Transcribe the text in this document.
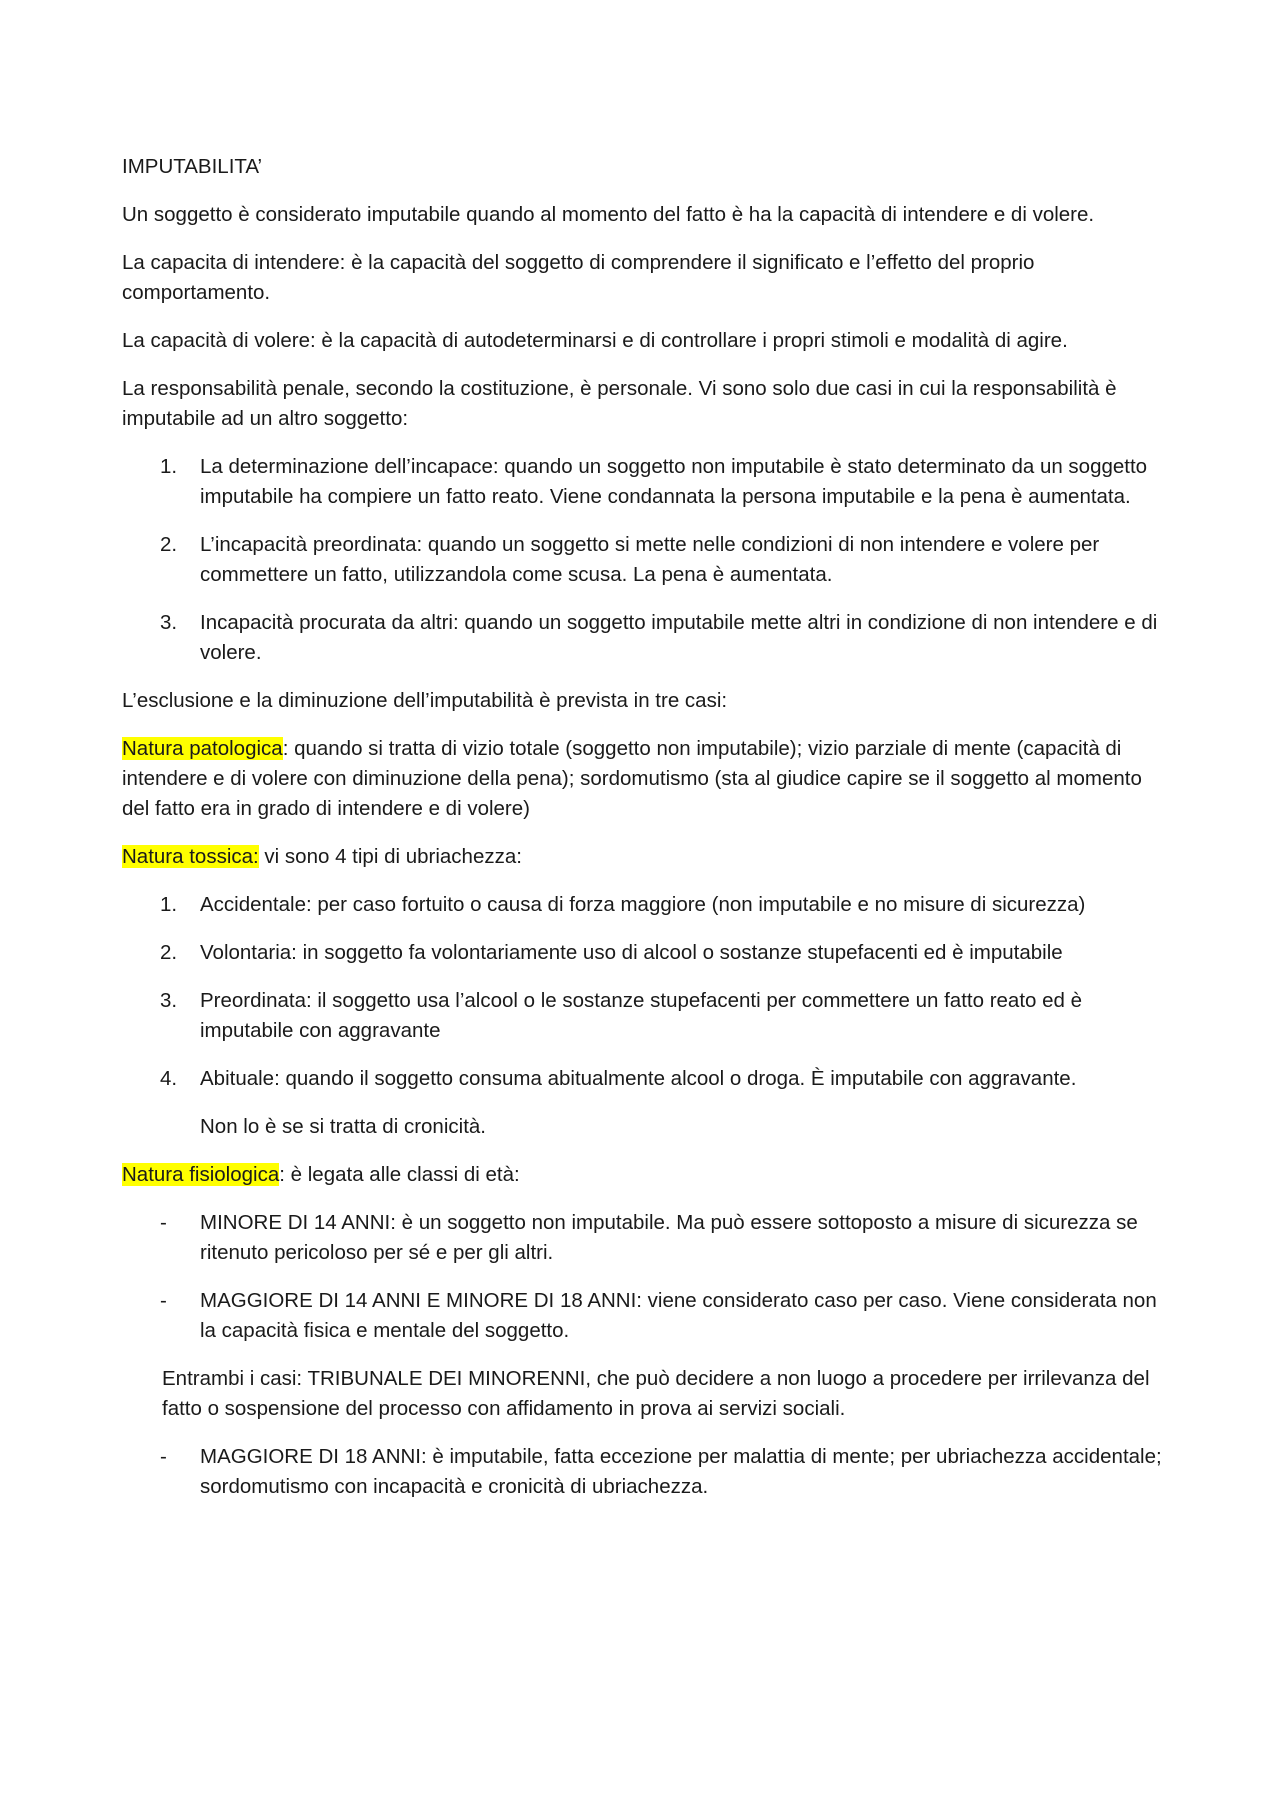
IMPUTABILITA’

Un soggetto è considerato imputabile quando al momento del fatto è ha la capacità di intendere e di volere.

La capacita di intendere: è la capacità del soggetto di comprendere il significato e l’effetto del proprio comportamento.

La capacità di volere: è la capacità di autodeterminarsi e di controllare i propri stimoli e modalità di agire.

La responsabilità penale, secondo la costituzione, è personale. Vi sono solo due casi in cui la responsabilità è imputabile ad un altro soggetto:

1.	La determinazione dell’incapace: quando un soggetto non imputabile è stato determinato da un soggetto imputabile ha compiere un fatto reato. Viene condannata la persona imputabile e la pena è aumentata.
2.	L’incapacità preordinata: quando un soggetto si mette nelle condizioni di non intendere e volere per commettere un fatto, utilizzandola come scusa. La pena è aumentata.
3.	Incapacità procurata da altri: quando un soggetto imputabile mette altri in condizione di non intendere e di volere.

L’esclusione e la diminuzione dell’imputabilità è prevista in tre casi:

Natura patologica: quando si tratta di vizio totale (soggetto non imputabile); vizio parziale di mente (capacità di intendere e di volere con diminuzione della pena); sordomutismo (sta al giudice capire se il soggetto al momento del fatto era in grado di intendere e di volere)

Natura tossica: vi sono 4 tipi di ubriachezza:

1.	Accidentale: per caso fortuito o causa di forza maggiore (non imputabile e no misure di sicurezza)
2.	Volontaria: in soggetto fa volontariamente uso di alcool o sostanze stupefacenti ed è imputabile
3.	Preordinata: il soggetto usa l’alcool o le sostanze stupefacenti per commettere un fatto reato ed è imputabile con aggravante
4.	Abituale: quando il soggetto consuma abitualmente alcool o droga. È imputabile con aggravante.

Non lo è se si tratta di cronicità.

Natura fisiologica: è legata alle classi di età:

-	MINORE DI 14 ANNI: è un soggetto non imputabile. Ma può essere sottoposto a misure di sicurezza se ritenuto pericoloso per sé e per gli altri.
-	MAGGIORE DI 14 ANNI E MINORE DI 18 ANNI: viene considerato caso per caso. Viene considerata non la capacità fisica e mentale del soggetto.

Entrambi i casi: TRIBUNALE DEI MINORENNI, che può decidere a non luogo a procedere per irrilevanza del fatto o sospensione del processo con affidamento in prova ai servizi sociali.

-	MAGGIORE DI 18 ANNI: è imputabile, fatta eccezione per malattia di mente; per ubriachezza accidentale; sordomutismo con incapacità e cronicità di ubriachezza.
